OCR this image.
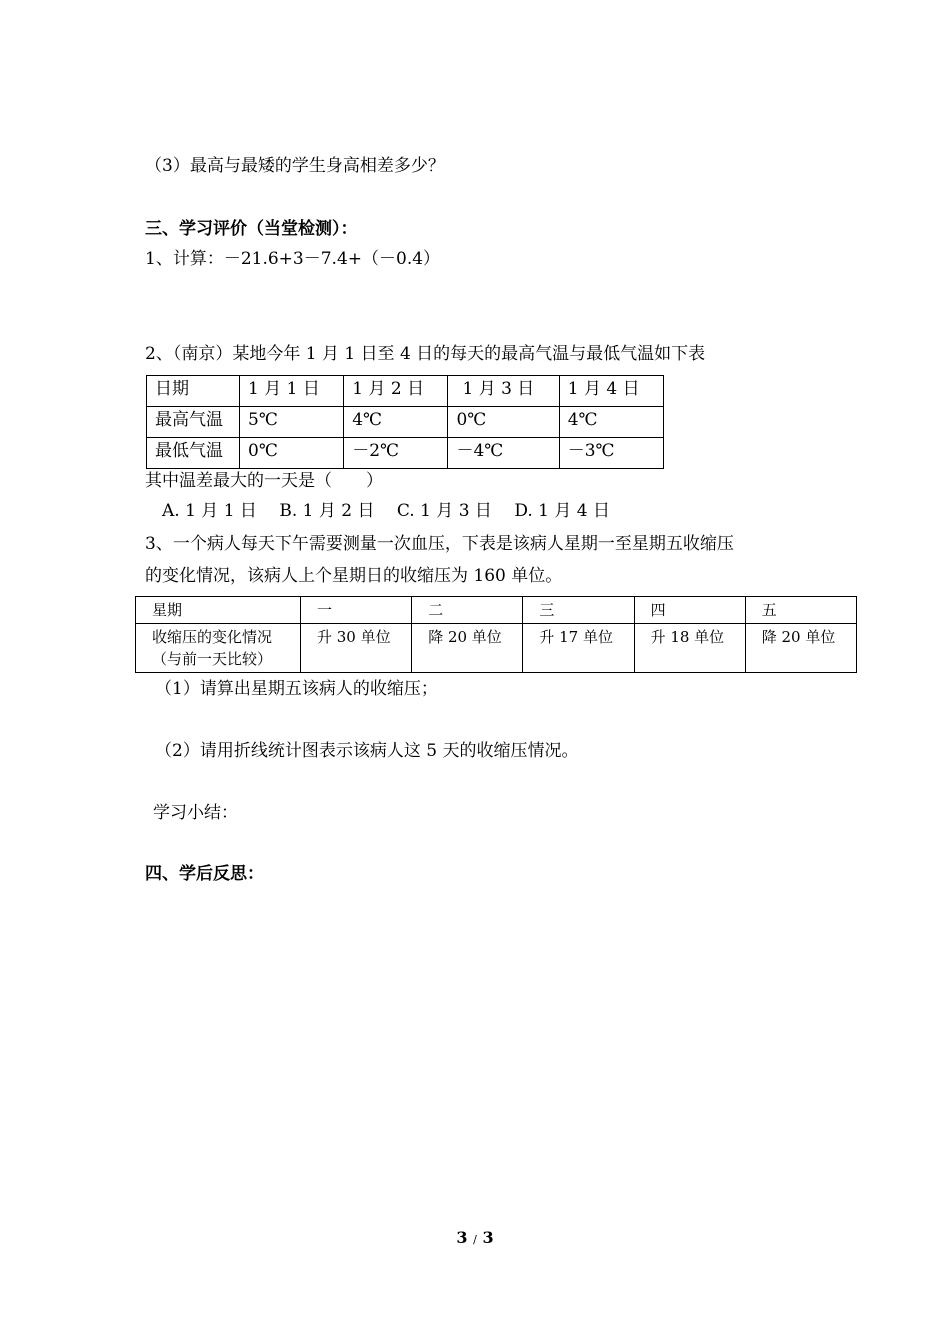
（3）最高与最矮的学生身高相差多少？
三、学习评价（当堂检测）：
1、计算：－21.6+3－7.4+（－0.4）
2、（南京）某地今年 1 月 1 日至 4 日的每天的最高气温与最低气温如下表
日期	1 月 1 日	1 月 2 日	1 月 3 日	1 月 4 日
最高气温	5℃	4℃	0℃	4℃
最低气温	0℃	－2℃	－4℃	－3℃
其中温差最大的一天是（　　）
A. 1 月 1 日　 B. 1 月 2 日　 C. 1 月 3 日　 D. 1 月 4 日
3、一个病人每天下午需要测量一次血压，下表是该病人星期一至星期五收缩压
的变化情况，该病人上个星期日的收缩压为 160 单位。
星期	一	二	三	四	五

收缩压的变化情况
（与前一天比较）	升 30 单位	降 20 单位	升 17 单位	升 18 单位	降 20 单位
（1）请算出星期五该病人的收缩压；
（2）请用折线统计图表示该病人这 5 天的收缩压情况。
学习小结：
四、学后反思：
3 / 3
